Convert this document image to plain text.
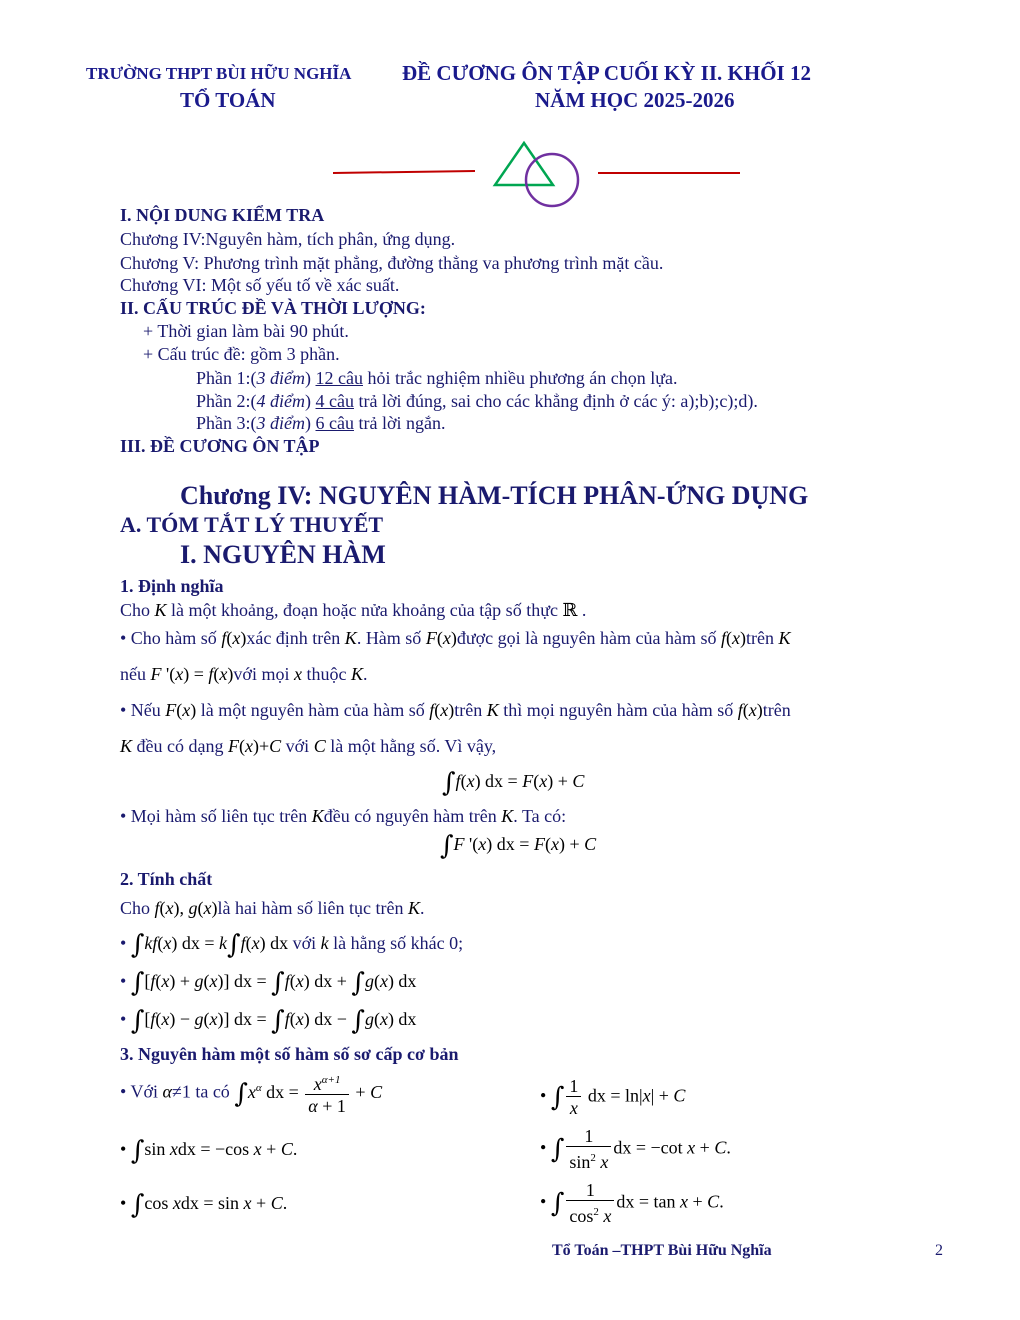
TRƯỜNG THPT BÙI HỮU NGHĨA
TỔ TOÁN
ĐỀ CƯƠNG ÔN TẬP CUỐI KỲ II. KHỐI 12
NĂM HỌC 2025-2026
I. NỘI DUNG KIỂM TRA
Chương IV:Nguyên hàm, tích phân, ứng dụng.
Chương V: Phương trình mặt phẳng, đường thẳng va phương trình mặt cầu.
Chương VI: Một số yếu tố về xác suất.
II. CẤU TRÚC ĐỀ VÀ THỜI LƯỢNG:
+ Thời gian làm bài 90 phút.
+ Cấu trúc đề: gồm 3 phần.
Phần 1:(3 điểm) 12 câu hỏi trắc nghiệm nhiều phương án chọn lựa.
Phần 2:(4 điểm) 4 câu trả lời đúng, sai cho các khẳng định ở các ý: a);b);c);d).
Phần 3:(3 điểm) 6 câu trả lời ngắn.
III. ĐỀ CƯƠNG ÔN TẬP
Chương IV: NGUYÊN HÀM-TÍCH PHÂN-ỨNG DỤNG
A. TÓM TẮT LÝ THUYẾT
I. NGUYÊN HÀM
1. Định nghĩa
Cho K là một khoảng, đoạn hoặc nửa khoảng của tập số thực ℝ .
• Cho hàm số f(x)xác định trên K. Hàm số F(x)được gọi là nguyên hàm của hàm số f(x)trên K
nếu F '(x) = f(x)với mọi x thuộc K.
• Nếu F(x) là một nguyên hàm của hàm số f(x)trên K thì mọi nguyên hàm của hàm số f(x)trên
K đều có dạng F(x)+C với C là một hằng số. Vì vậy,
∫f(x) dx = F(x) + C
• Mọi hàm số liên tục trên Kđều có nguyên hàm trên K. Ta có:
∫F '(x) dx = F(x) + C
2. Tính chất
Cho f(x), g(x)là hai hàm số liên tục trên K.
• ∫kf(x) dx = k∫f(x) dx với k là hằng số khác 0;
• ∫[f(x) + g(x)] dx = ∫f(x) dx + ∫g(x) dx
• ∫[f(x) − g(x)] dx = ∫f(x) dx − ∫g(x) dx
3. Nguyên hàm một số hàm số sơ cấp cơ bản
• Với α≠1 ta có $\int x^\alpha$ dx = $\frac{x^{\alpha+1}}{\alpha + 1} + C$	• ∫ $\frac{1}{x}$ dx = ln|x| + C
• ∫sin xdx = −cos x + C.	• ∫ $\frac{1}{\sin^2 x}$ dx = −cot x + C.
• ∫cos xdx = sin x + C.	• ∫ $\frac{1}{\cos^2 x}$ dx = tan x + C.
Tổ Toán –THPT Bùi Hữu Nghĩa	2
